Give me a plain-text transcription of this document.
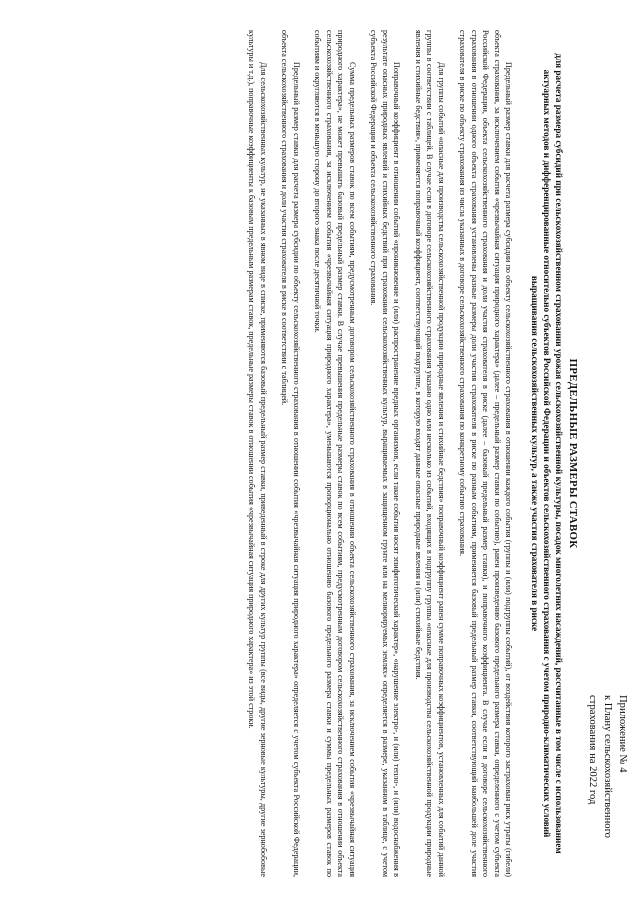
Приложение № 4
к Плану сельскохозяйственного
страхования на 2022 год
ПРЕДЕЛЬНЫЕ РАЗМЕРЫ СТАВОК
для расчета размера субсидий при сельскохозяйственном страховании урожая сельскохозяйственной культуры, посадок многолетних насаждений, рассчитанные в том числе с использованием актуарных методов и дифференцированные относительно субъектов Российской Федерации и объектов сельскохозяйственного страхования с учетом природно-климатических условий выращивания сельскохозяйственных культур, а также участия страхователя в риске

Предельный размер ставки для расчета размера субсидии по объекту сельскохозяйственного страхования в отношении каждого события (группы и (или) подгруппы событий), от воздействия которого застрахован риск утраты (гибели) объекта страхования, за исключением события «чрезвычайная ситуация природного характера» (далее – предельный размер ставки по событию), равен произведению базового предельного размера ставки, определенного с учетом субъекта Российской Федерации, объекта сельскохозяйственного страхования и доли участия страхователя в риске (далее – базовый предельный размер ставки), и поправочного коэффициента. В случае если в договоре сельскохозяйственного страхования в отношении одного объекта страхования установлены разные размеры доли участия страхователя в риске по разным событиям, применяется базовый предельный размер ставки, соответствующий наибольшей доле участия страхователя в риске по объекту страхования из числа указанных в договоре сельскохозяйственного страхования по конкретному событию страхования.

Для группы событий «опасные для производства сельскохозяйственной продукции природные явления и стихийные бедствия» поправочный коэффициент равен сумме поправочных коэффициентов, установленных для событий данной группы в соответствии с таблицей. В случае если в договоре сельскохозяйственного страхования указано одно или несколько из событий, входящих в подгруппу группы «опасные для производства сельскохозяйственной продукции природные явления и стихийные бедствия», применяется поправочный коэффициент, соответствующий подгруппе, в которую входят данные опасные природные явления и (или) стихийные бедствия.

Поправочный коэффициент в отношении событий «проникновение и (или) распространение вредных организмов, если такие события носят эпифитотический характер», «нарушение электро-, и (или) тепло-, и (или) водоснабжения в результате опасных природных явлений и стихийных бедствий при страховании сельскохозяйственных культур, выращиваемых в защищенном грунте или на мелиорируемых землях» определяется в размере, указанном в таблице, с учетом субъекта Российской Федерации и объекта сельскохозяйственного страхования.

Сумма предельных размеров ставок по всем событиям, предусмотренным договором сельскохозяйственного страхования в отношении объекта сельскохозяйственного страхования, за исключением события «чрезвычайная ситуация природного характера», не может превышать базовый предельный размер ставки. В случае превышения предельные размеры ставок по всем событиям, предусмотренным договором сельскохозяйственного страхования в отношении объекта сельскохозяйственного страхования, за исключением события «чрезвычайная ситуация природного характера», уменьшаются пропорционально отношению базового предельного размера ставки и суммы предельных размеров ставок по событиям и округляются в меньшую сторону до второго знака после десятичной точки.

Предельный размер ставки для расчета размера субсидии по объекту сельскохозяйственного страхования в отношении события «чрезвычайная ситуация природного характера» определяется с учетом субъекта Российской Федерации, объекта сельскохозяйственного страхования и доли участия страхователя в риске в соответствии с таблицей.

Для сельскохозяйственных культур, не указанных в явном виде в списке, применяются базовый предельный размер ставки, приведенный в строке для других культур группы (все виды, другие зерновые культуры, другие зернобобовые культуры и т.д.), поправочные коэффициенты к базовым предельным размерам ставок, предельные размеры ставок в отношении события «чрезвычайная ситуация природного характера» из этой строки.
